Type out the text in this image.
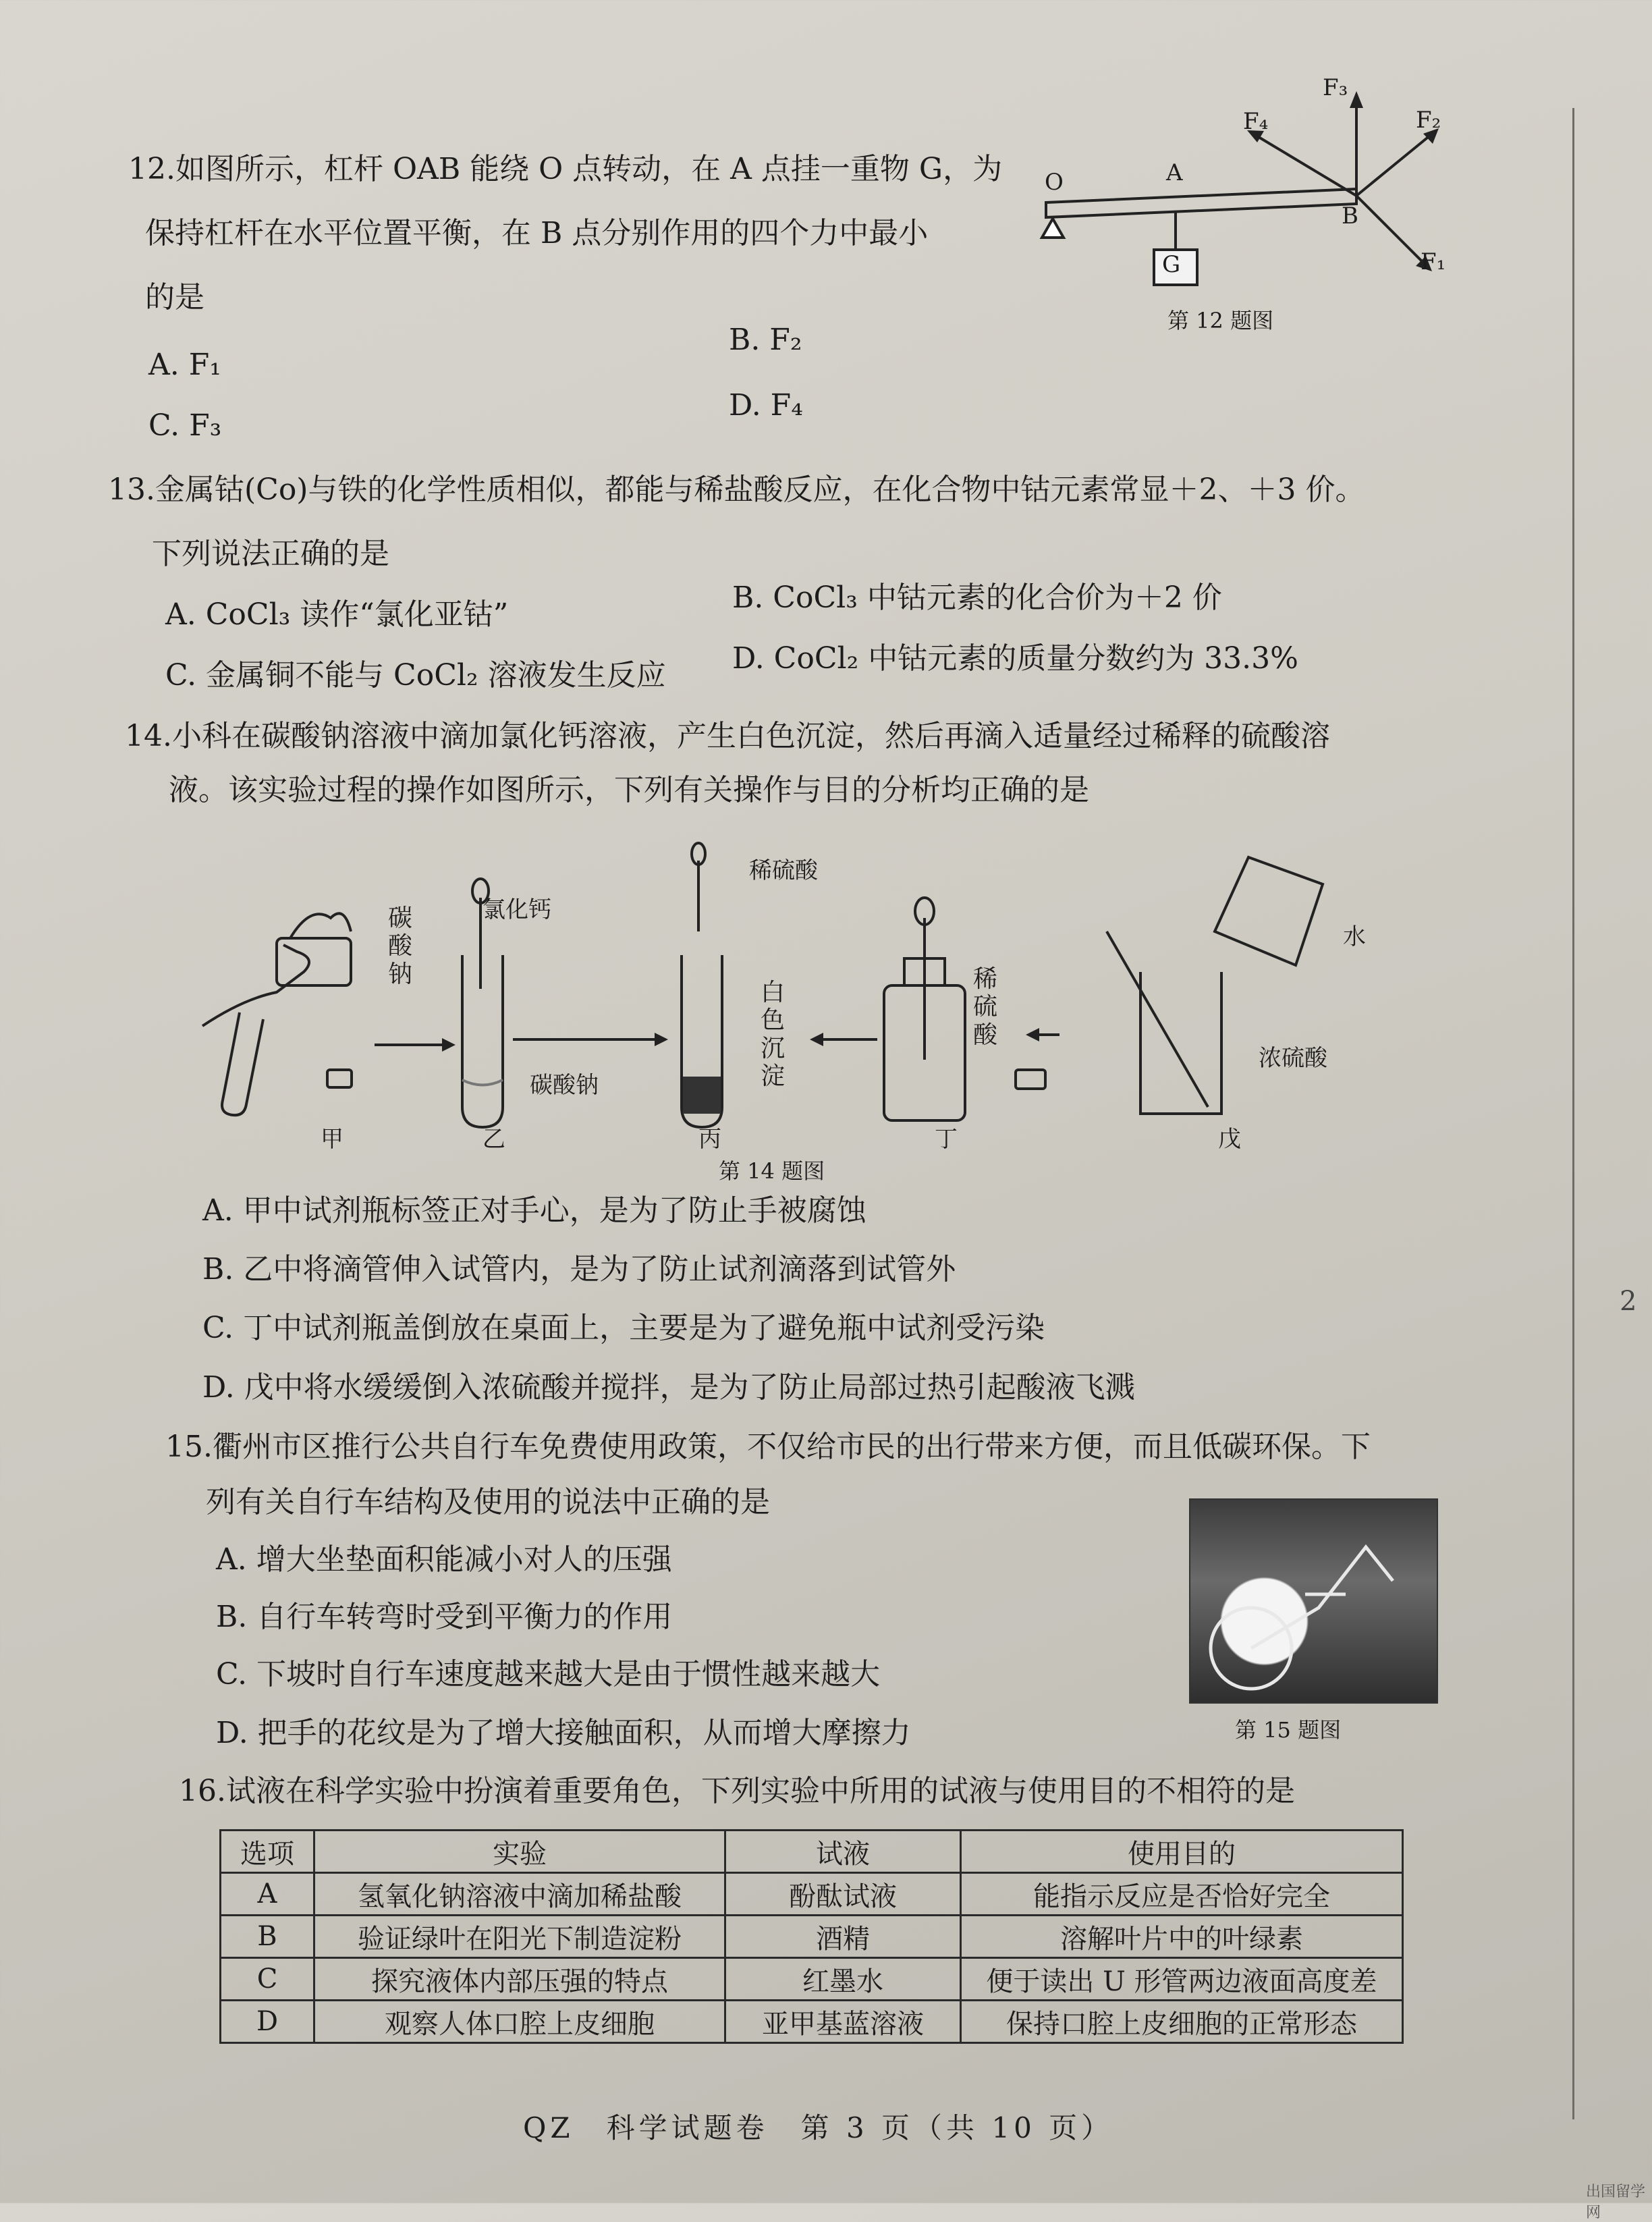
2
12.如图所示，杠杆 OAB 能绕 O 点转动，在 A 点挂一重物 G，为
保持杠杆在水平位置平衡，在 B 点分别作用的四个力中最小
的是
A. F₁
B. F₂
C. F₃
D. F₄
O	A
B
G
F₃
F₄	F₂
F₁
第 12 题图
13.金属钴(Co)与铁的化学性质相似，都能与稀盐酸反应，在化合物中钴元素常显＋2、＋3 价。
下列说法正确的是
A. CoCl₃ 读作“氯化亚钴”	B. CoCl₃ 中钴元素的化合价为＋2 价
C. 金属铜不能与 CoCl₂ 溶液发生反应 D. CoCl₂ 中钴元素的质量分数约为 33.3%
14.小科在碳酸钠溶液中滴加氯化钙溶液，产生白色沉淀，然后再滴入适量经过稀释的硫酸溶
液。该实验过程的操作如图所示，下列有关操作与目的分析均正确的是
碳酸钠
氯化钙
碳酸钠
稀硫酸
白色沉淀
稀硫酸
水
浓硫酸
甲	乙	丙	丁	戊
第 14 题图
A. 甲中试剂瓶标签正对手心，是为了防止手被腐蚀
B. 乙中将滴管伸入试管内，是为了防止试剂滴落到试管外
C. 丁中试剂瓶盖倒放在桌面上，主要是为了避免瓶中试剂受污染
D. 戊中将水缓缓倒入浓硫酸并搅拌，是为了防止局部过热引起酸液飞溅
15.衢州市区推行公共自行车免费使用政策，不仅给市民的出行带来方便，而且低碳环保。下
列有关自行车结构及使用的说法中正确的是
A. 增大坐垫面积能减小对人的压强
B. 自行车转弯时受到平衡力的作用
C. 下坡时自行车速度越来越大是由于惯性越来越大
D. 把手的花纹是为了增大接触面积，从而增大摩擦力	第 15 题图
16.试液在科学实验中扮演着重要角色，下列实验中所用的试液与使用目的不相符的是
选项	实验	试液	使用目的
A	氢氧化钠溶液中滴加稀盐酸	酚酞试液	能指示反应是否恰好完全
B	验证绿叶在阳光下制造淀粉	酒精	溶解叶片中的叶绿素
C	探究液体内部压强的特点	红墨水	便于读出 U 形管两边液面高度差
D	观察人体口腔上皮细胞	亚甲基蓝溶液	保持口腔上皮细胞的正常形态
QZ　科学试题卷　第 3 页（共 10 页）
出国留学网
